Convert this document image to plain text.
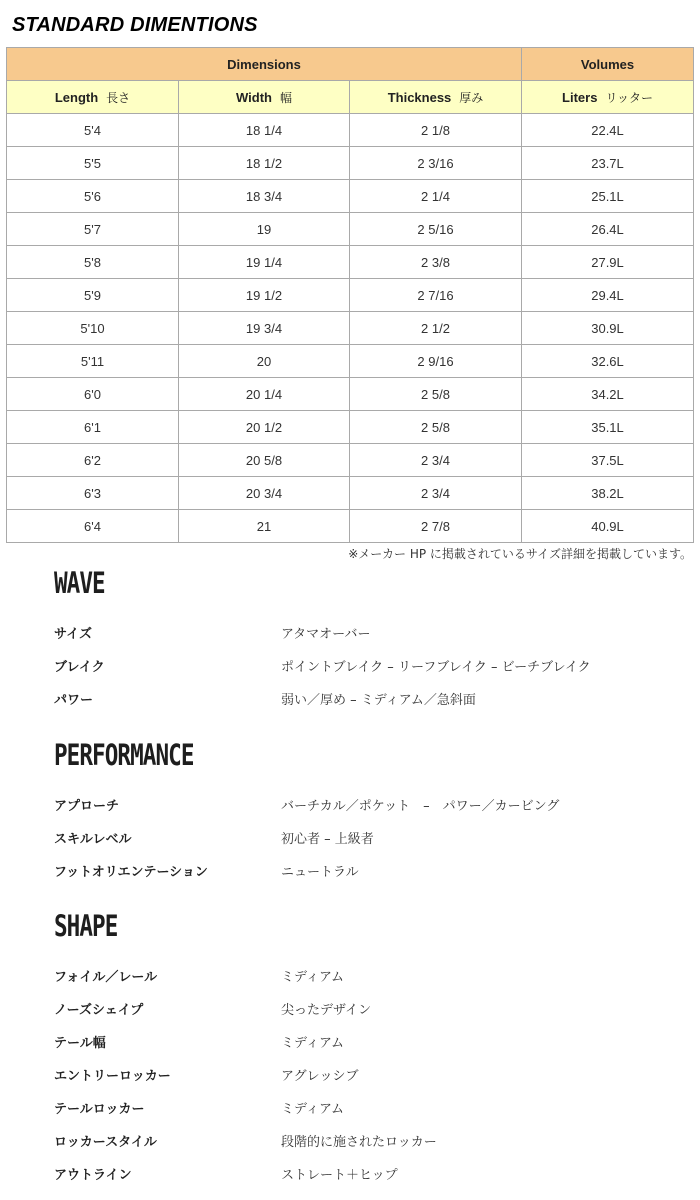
STANDARD DIMENTIONS
Dimensions			Volumes
Length 長さ	Width 幅	Thickness 厚み	Liters リッター
5'4	18 1/4	2 1/8	22.4L
5'5	18 1/2	2 3/16	23.7L
5'6	18 3/4	2 1/4	25.1L
5'7	19	2 5/16	26.4L
5'8	19 1/4	2 3/8	27.9L
5'9	19 1/2	2 7/16	29.4L
5'10	19 3/4	2 1/2	30.9L
5'11	20	2 9/16	32.6L
6'0	20 1/4	2 5/8	34.2L
6'1	20 1/2	2 5/8	35.1L
6'2	20 5/8	2 3/4	37.5L
6'3	20 3/4	2 3/4	38.2L
6'4	21	2 7/8	40.9L
※メーカー HP に掲載されているサイズ詳細を掲載しています。
WAVE
サイズ	アタマオーバー
ブレイク	ポイントブレイク – リーフブレイク – ビーチブレイク
パワー	弱い／厚め – ミディアム／急斜面
PERFORMANCE
アプローチ	バーチカル／ポケット　–　パワー／カービング
スキルレベル	初心者 – 上級者
フットオリエンテーション	ニュートラル
SHAPE
フォイル／レール	ミディアム
ノーズシェイプ	尖ったデザイン
テール幅	ミディアム
エントリーロッカー	アグレッシブ
テールロッカー	ミディアム
ロッカースタイル	段階的に施されたロッカー
アウトライン	ストレート＋ヒップ
